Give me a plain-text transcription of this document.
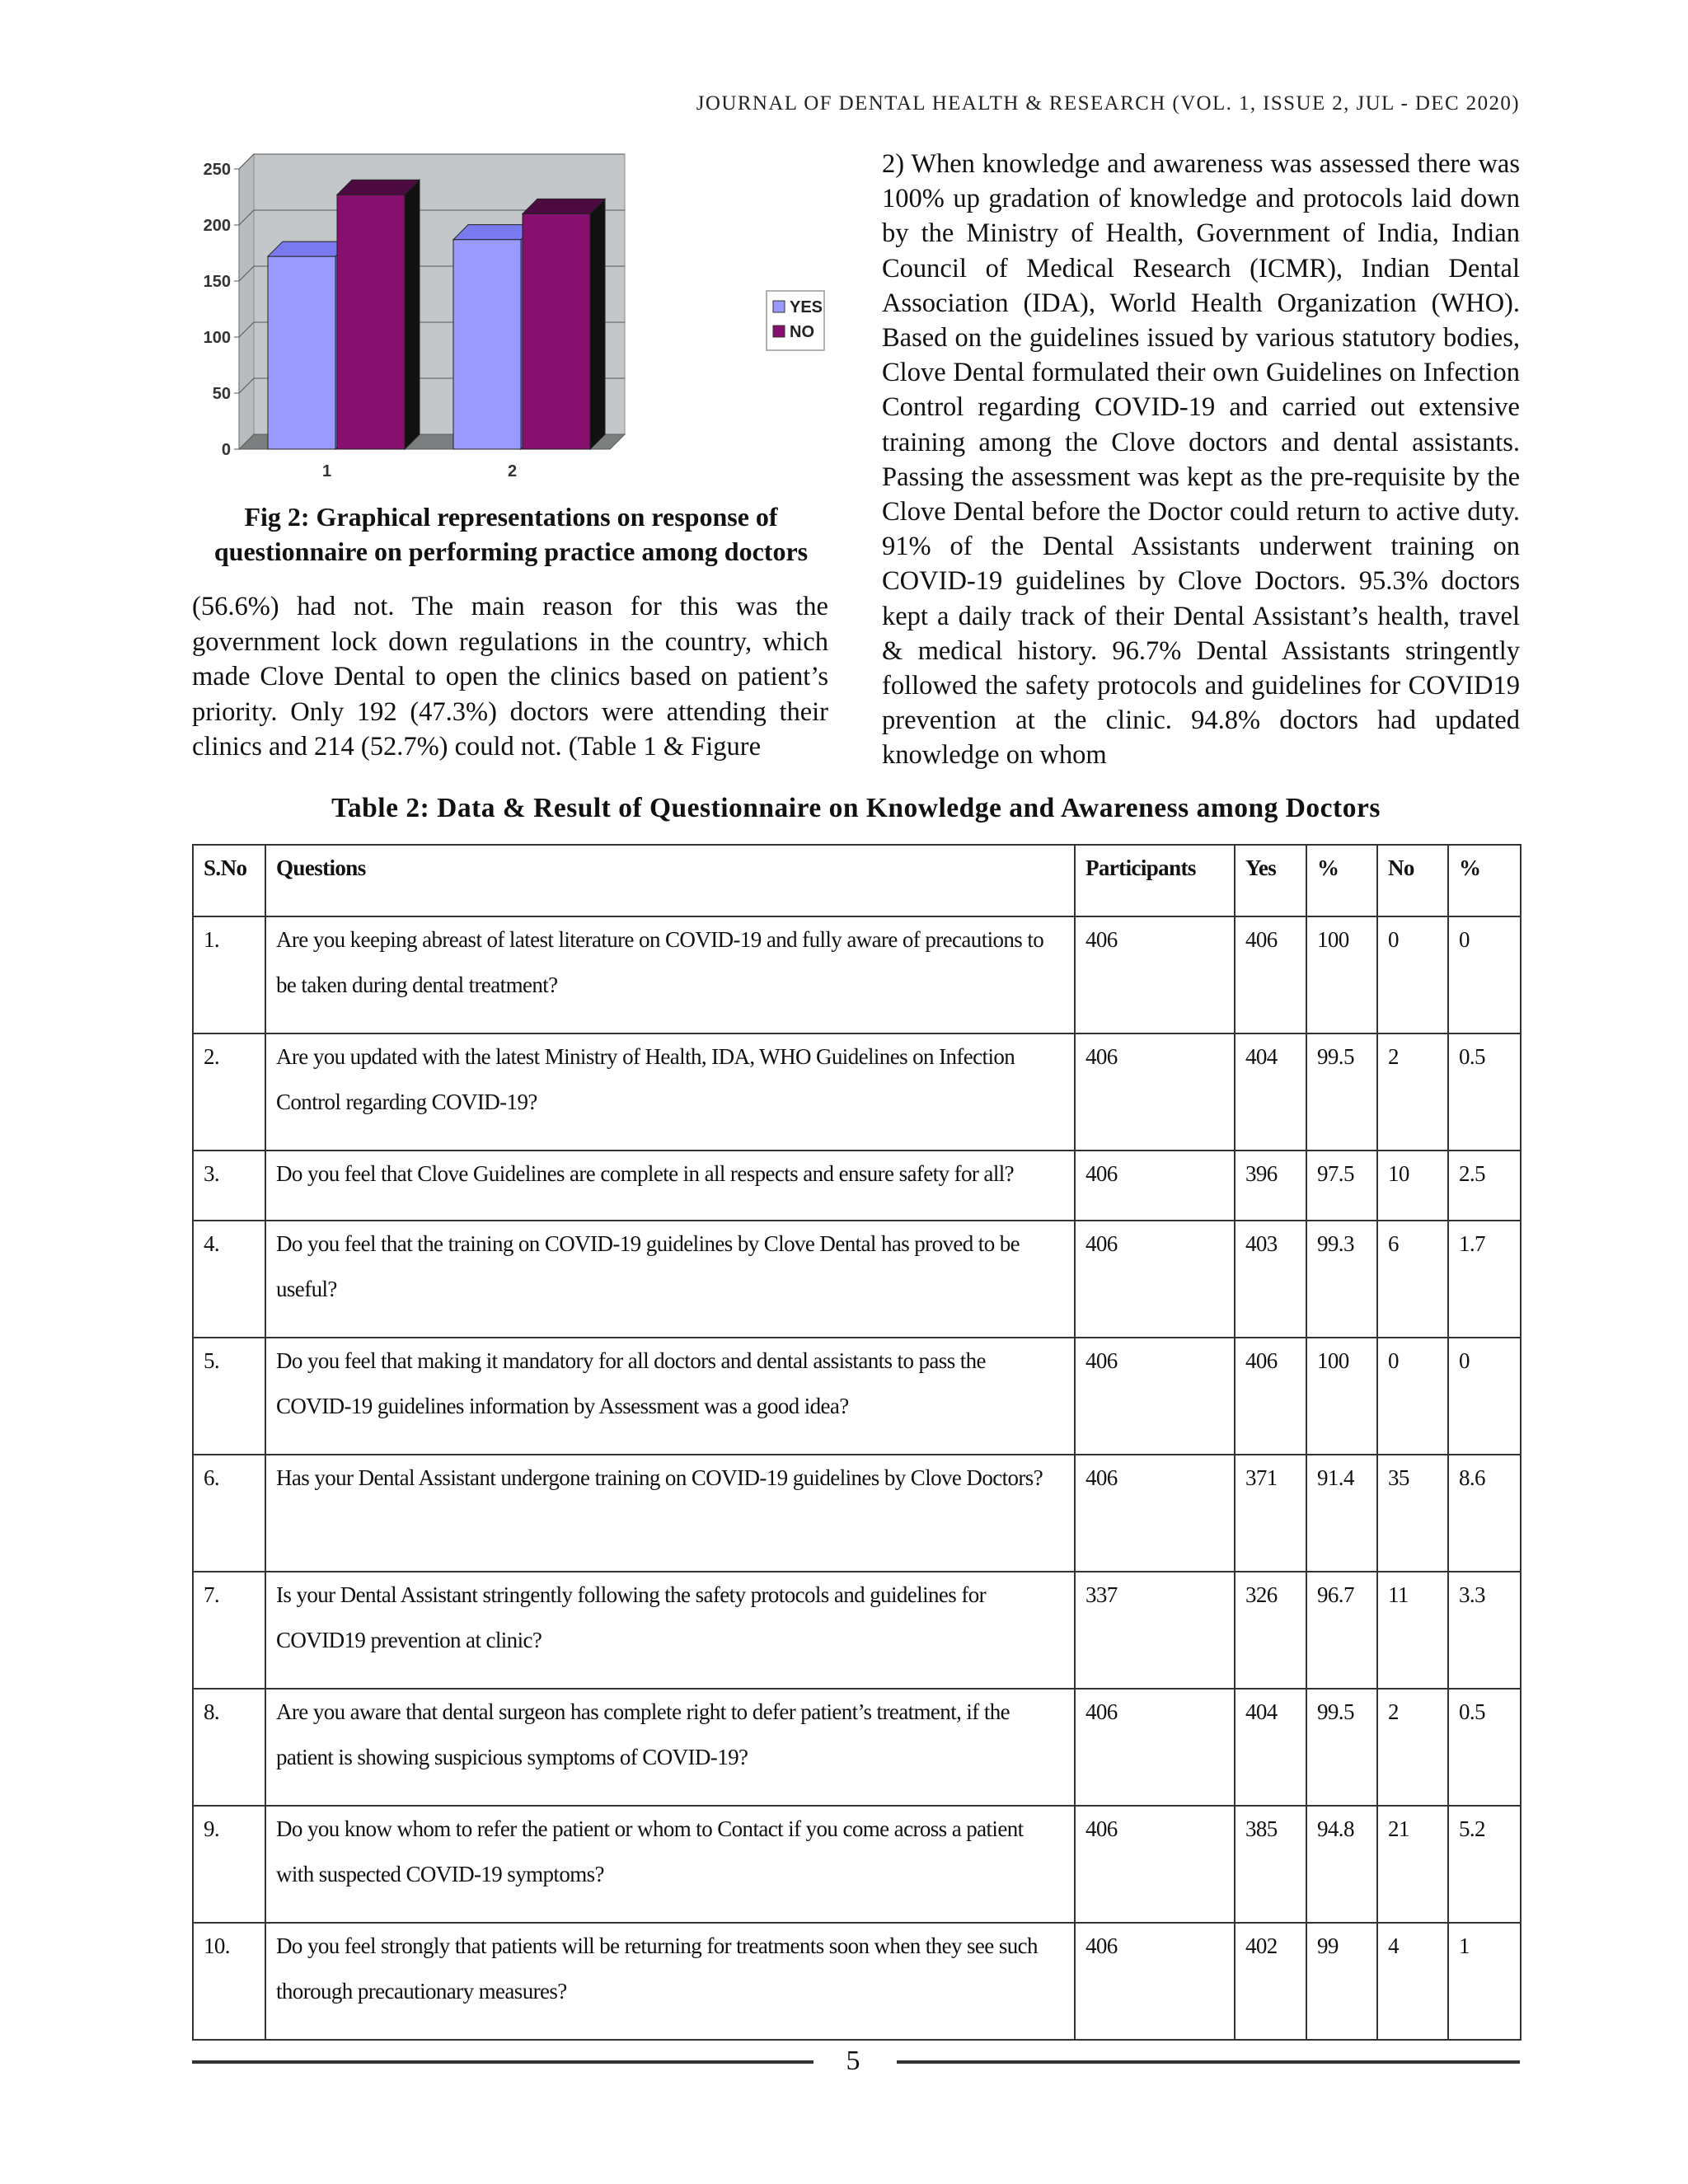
JOURNAL OF DENTAL HEALTH & RESEARCH (VOL. 1, ISSUE 2, JUL - DEC 2020)
0
50
100
150
200
250
1	2
YES
NO
Fig 2: Graphical representations on response of questionnaire on performing practice among doctors

(56.6%) had not. The main reason for this was the government lock down regulations in the country, which made Clove Dental to open the clinics based on patient’s priority. Only 192 (47.3%) doctors were attending their clinics and 214 (52.7%) could not. (Table 1 & Figure

2) When knowledge and awareness was assessed there was 100% up gradation of knowledge and protocols laid down by the Ministry of Health, Government of India, Indian Council of Medical Research (ICMR), Indian Dental Association (IDA), World Health Organization (WHO). Based on the guidelines issued by various statutory bodies, Clove Dental formulated their own Guidelines on Infection Control regarding COVID-19 and carried out extensive training among the Clove doctors and dental assistants. Passing the assessment was kept as the pre-requisite by the Clove Dental before the Doctor could return to active duty. 91% of the Dental Assistants underwent training on COVID-19 guidelines by Clove Doctors. 95.3% doctors kept a daily track of their Dental Assistant’s health, travel & medical history. 96.7% Dental Assistants stringently followed the safety protocols and guidelines for COVID19 prevention at the clinic. 94.8% doctors had updated knowledge on whom

Table 2: Data & Result of Questionnaire on Knowledge and Awareness among Doctors
S.No	Questions	Participants	Yes	%	No	%
1.	Are you keeping abreast of latest literature on COVID-19 and fully aware of precautions to be taken during dental treatment?	406	406	100	0	0
2.	Are you updated with the latest Ministry of Health, IDA, WHO Guidelines on Infection Control regarding COVID-19?	406	404	99.5	2	0.5
3.	Do you feel that Clove Guidelines are complete in all respects and ensure safety for all?	406	396	97.5	10	2.5
4.	Do you feel that the training on COVID-19 guidelines by Clove Dental has proved to be useful?	406	403	99.3	6	1.7
5.	Do you feel that making it mandatory for all doctors and dental assistants to pass the COVID-19 guidelines information by Assessment was a good idea?	406	406	100	0	0
6.	Has your Dental Assistant undergone training on COVID-19 guidelines by Clove Doctors?	406	371	91.4	35	8.6
7.	Is your Dental Assistant stringently following the safety protocols and guidelines for COVID19 prevention at clinic?	337	326	96.7	11	3.3
8.	Are you aware that dental surgeon has complete right to defer patient’s treatment, if the patient is showing suspicious symptoms of COVID-19?	406	404	99.5	2	0.5
9.	Do you know whom to refer the patient or whom to Contact if you come across a patient with suspected COVID-19 symptoms?	406	385	94.8	21	5.2
10.	Do you feel strongly that patients will be returning for treatments soon when they see such thorough precautionary measures?	406	402	99	4	1
5
